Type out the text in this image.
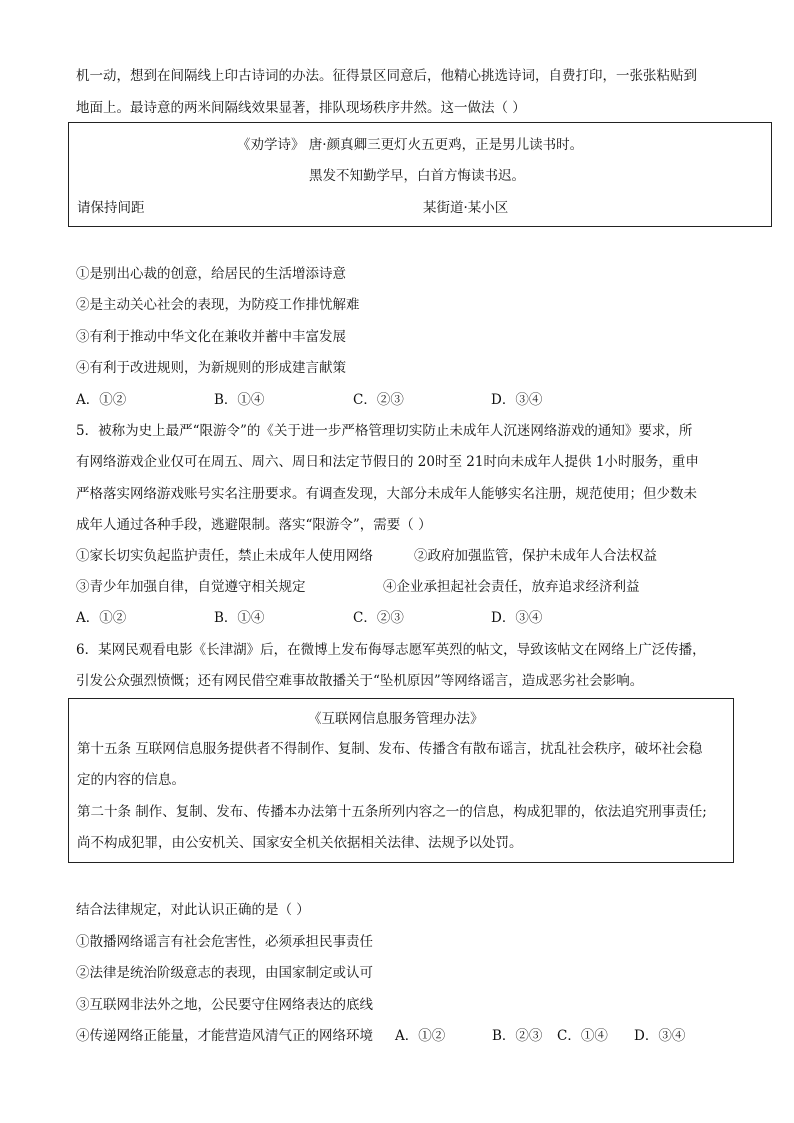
机一动，想到在间隔线上印古诗词的办法。征得景区同意后，他精心挑选诗词，自费打印，一张张粘贴到
地面上。最诗意的两米间隔线效果显著，排队现场秩序井然。这一做法（ ）
《劝学诗》 唐·颜真卿三更灯火五更鸡，正是男儿读书时。
黑发不知勤学早，白首方悔读书迟。
请保持间距	某街道·某小区
①是别出心裁的创意，给居民的生活增添诗意
②是主动关心社会的表现，为防疫工作排忧解难
③有利于推动中华文化在兼收并蓄中丰富发展
④有利于改进规则，为新规则的形成建言献策
A．①②	B．①④	C．②③	D．③④
5．被称为史上最严“限游令”的《关于进一步严格管理切实防止未成年人沉迷网络游戏的通知》要求，所
有网络游戏企业仅可在周五、周六、周日和法定节假日的 20时至 21时向未成年人提供 1小时服务，重申
严格落实网络游戏账号实名注册要求。有调查发现，大部分未成年人能够实名注册，规范使用；但少数未
成年人通过各种手段，逃避限制。落实“限游令”，需要（ ）
①家长切实负起监护责任，禁止未成年人使用网络	②政府加强监管，保护未成年人合法权益
③青少年加强自律，自觉遵守相关规定	④企业承担起社会责任，放弃追求经济利益
A．①②	B．①④	C．②③	D．③④
6．某网民观看电影《长津湖》后，在微博上发布侮辱志愿军英烈的帖文，导致该帖文在网络上广泛传播，
引发公众强烈愤慨；还有网民借空难事故散播关于“坠机原因”等网络谣言，造成恶劣社会影响。
《互联网信息服务管理办法》
第十五条 互联网信息服务提供者不得制作、复制、发布、传播含有散布谣言，扰乱社会秩序，破坏社会稳
定的内容的信息。
第二十条 制作、复制、发布、传播本办法第十五条所列内容之一的信息，构成犯罪的，依法追究刑事责任;
尚不构成犯罪，由公安机关、国家安全机关依据相关法律、法规予以处罚。
结合法律规定，对此认识正确的是（ ）
①散播网络谣言有社会危害性，必须承担民事责任
②法律是统治阶级意志的表现，由国家制定或认可
③互联网非法外之地，公民要守住网络表达的底线
④传递网络正能量，才能营造风清气正的网络环境 A．①②	B．②③ C．①④ D．③④
